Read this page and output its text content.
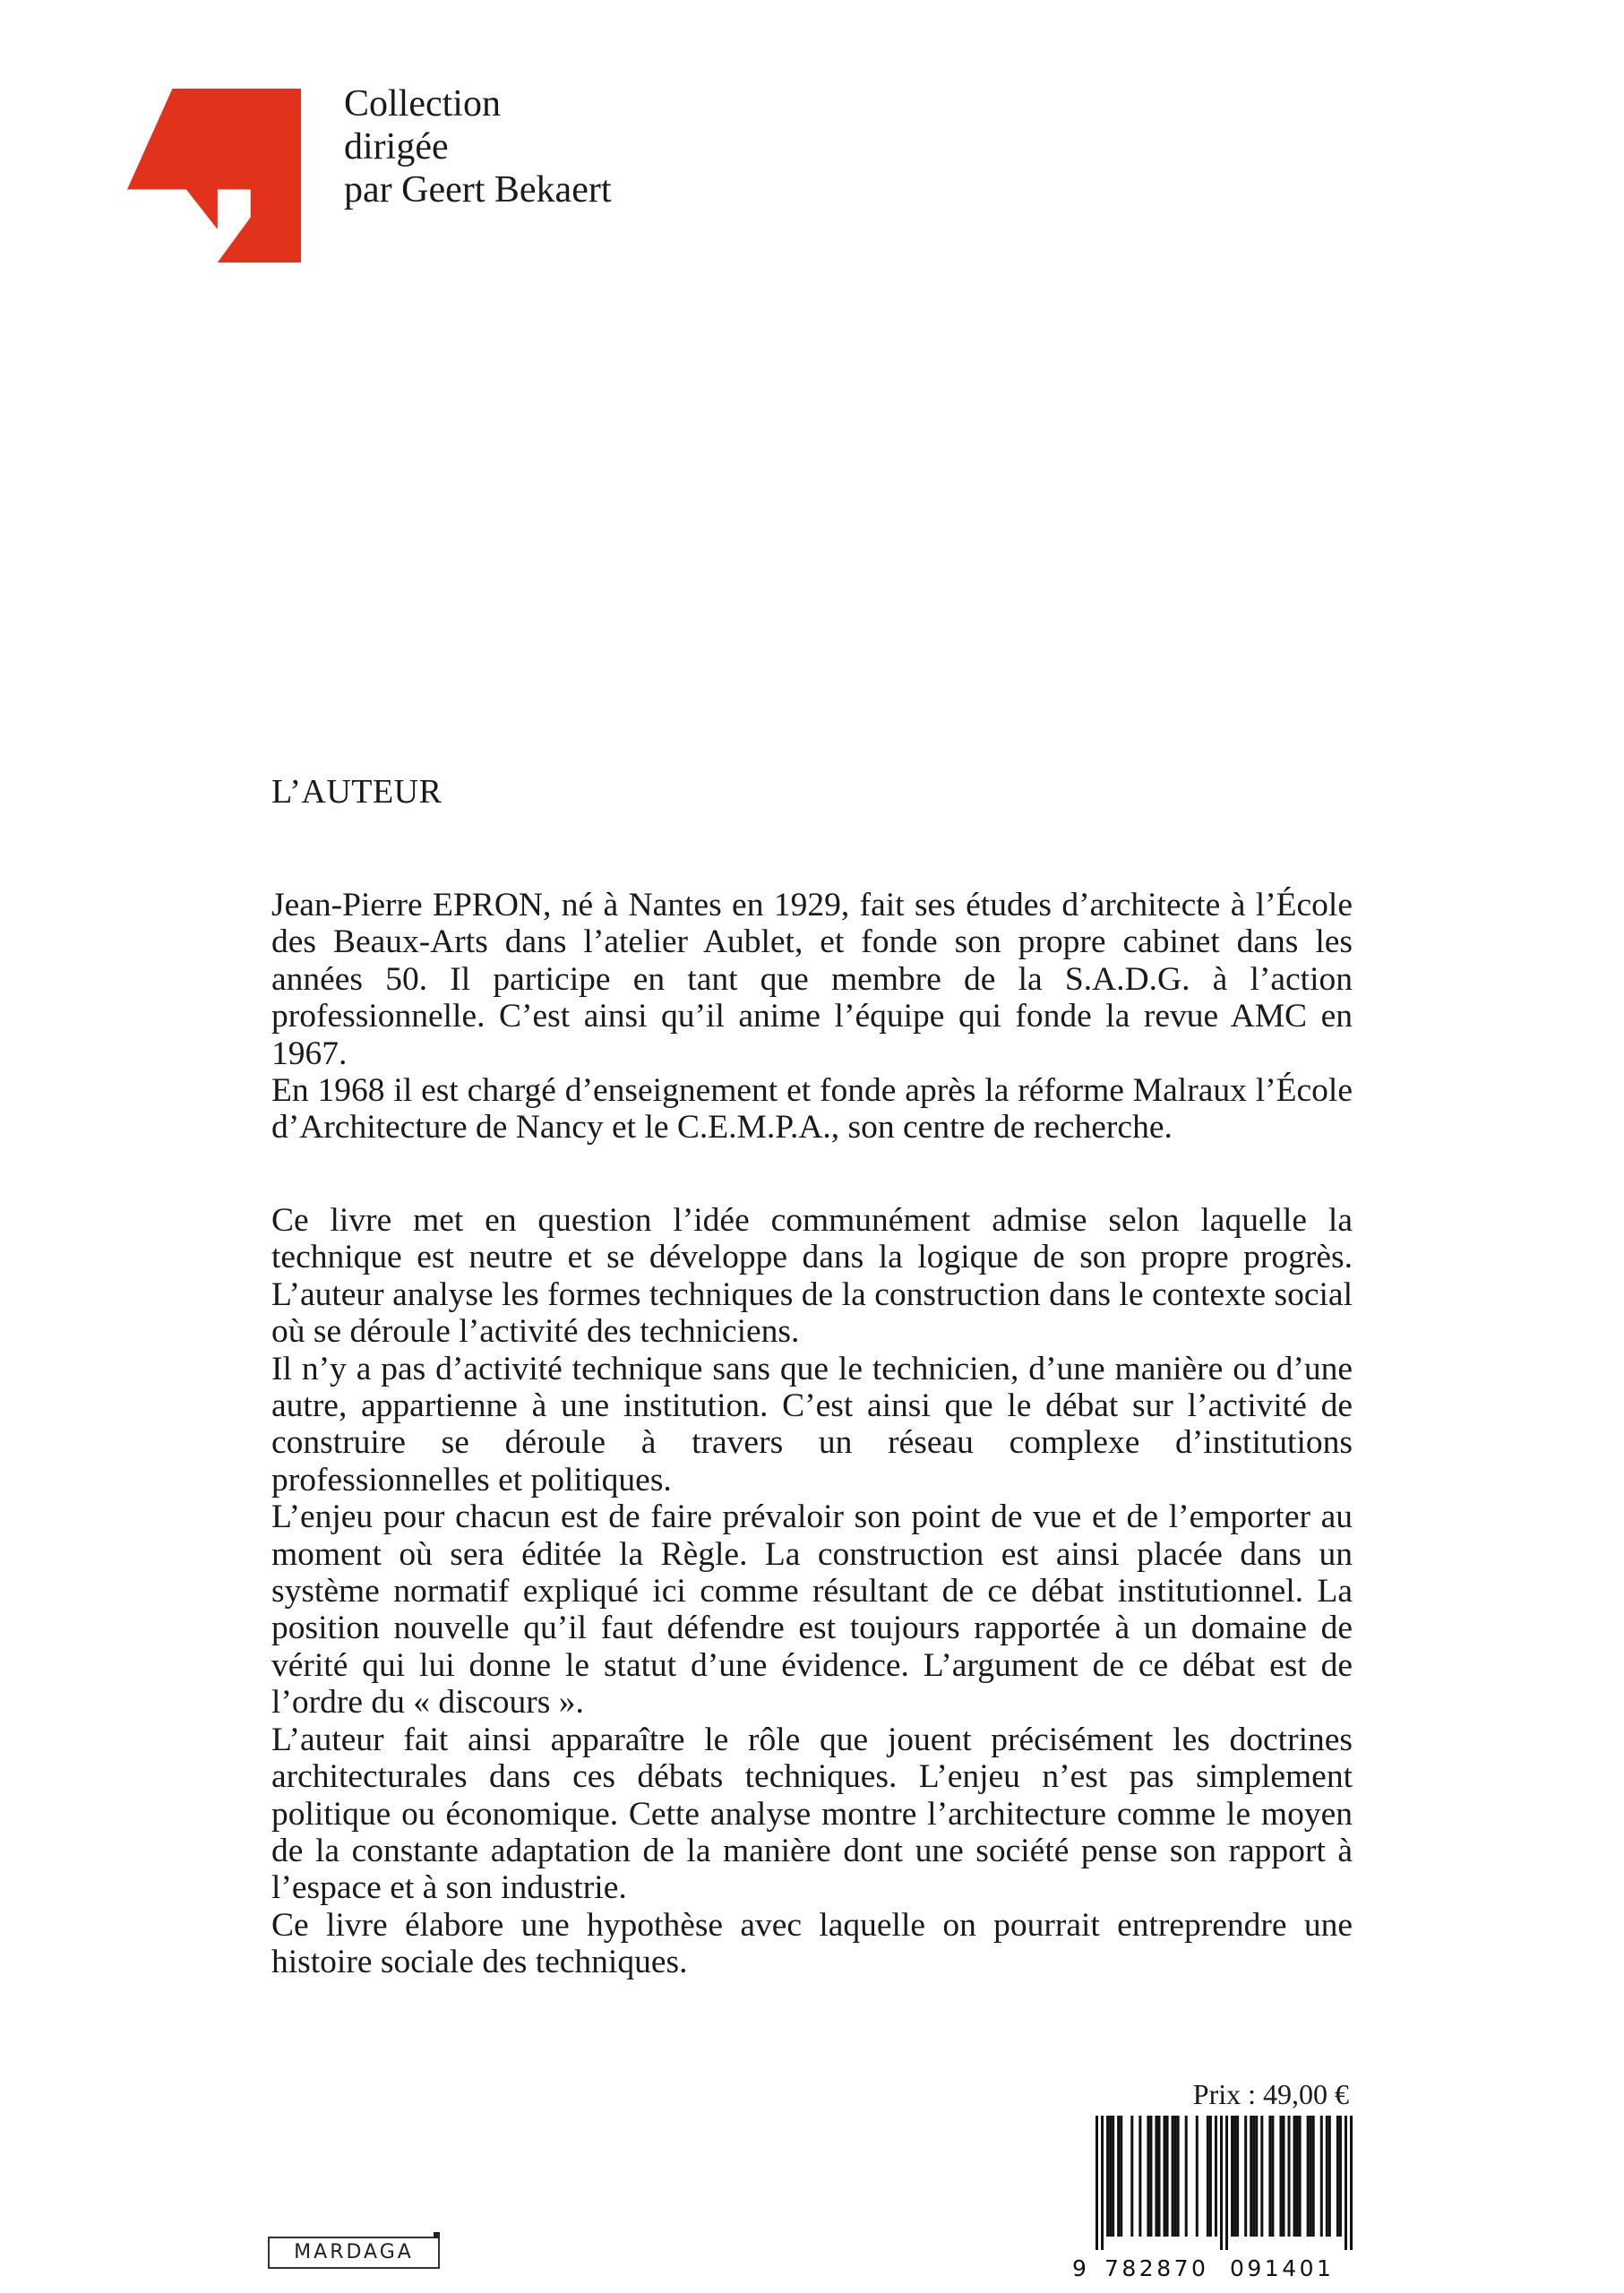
Collection
dirigée
par Geert Bekaert
L’AUTEUR

Jean-Pierre EPRON, né à Nantes en 1929, fait ses études d’architecte à l’École des Beaux-Arts dans l’atelier Aublet, et fonde son propre cabinet dans les années 50. Il participe en tant que membre de la S.A.D.G. à l’action professionnelle. C’est ainsi qu’il anime l’équipe qui fonde la revue AMC en 1967.

En 1968 il est chargé d’enseignement et fonde après la réforme Malraux l’École d’Architecture de Nancy et le C.E.M.P.A., son centre de recherche.

Ce livre met en question l’idée communément admise selon laquelle la technique est neutre et se développe dans la logique de son propre progrès. L’auteur analyse les formes techniques de la construction dans le contexte social où se déroule l’activité des techniciens.

Il n’y a pas d’activité technique sans que le technicien, d’une manière ou d’une autre, appartienne à une institution. C’est ainsi que le débat sur l’activité de construire se déroule à travers un réseau complexe d’institutions professionnelles et politiques.

L’enjeu pour chacun est de faire prévaloir son point de vue et de l’emporter au moment où sera éditée la Règle. La construction est ainsi placée dans un système normatif expliqué ici comme résultant de ce débat institutionnel. La position nouvelle qu’il faut défendre est toujours rapportée à un domaine de vérité qui lui donne le statut d’une évidence. L’argument de ce débat est de l’ordre du « discours ».

L’auteur fait ainsi apparaître le rôle que jouent précisément les doctrines architecturales dans ces débats techniques. L’enjeu n’est pas simplement politique ou économique. Cette analyse montre l’architecture comme le moyen de la constante adaptation de la manière dont une société pense son rapport à l’espace et à son industrie.

Ce livre élabore une hypothèse avec laquelle on pourrait entreprendre une histoire sociale des techniques.

Prix : 49,00 €
9 782870 091401
MARDAGA
